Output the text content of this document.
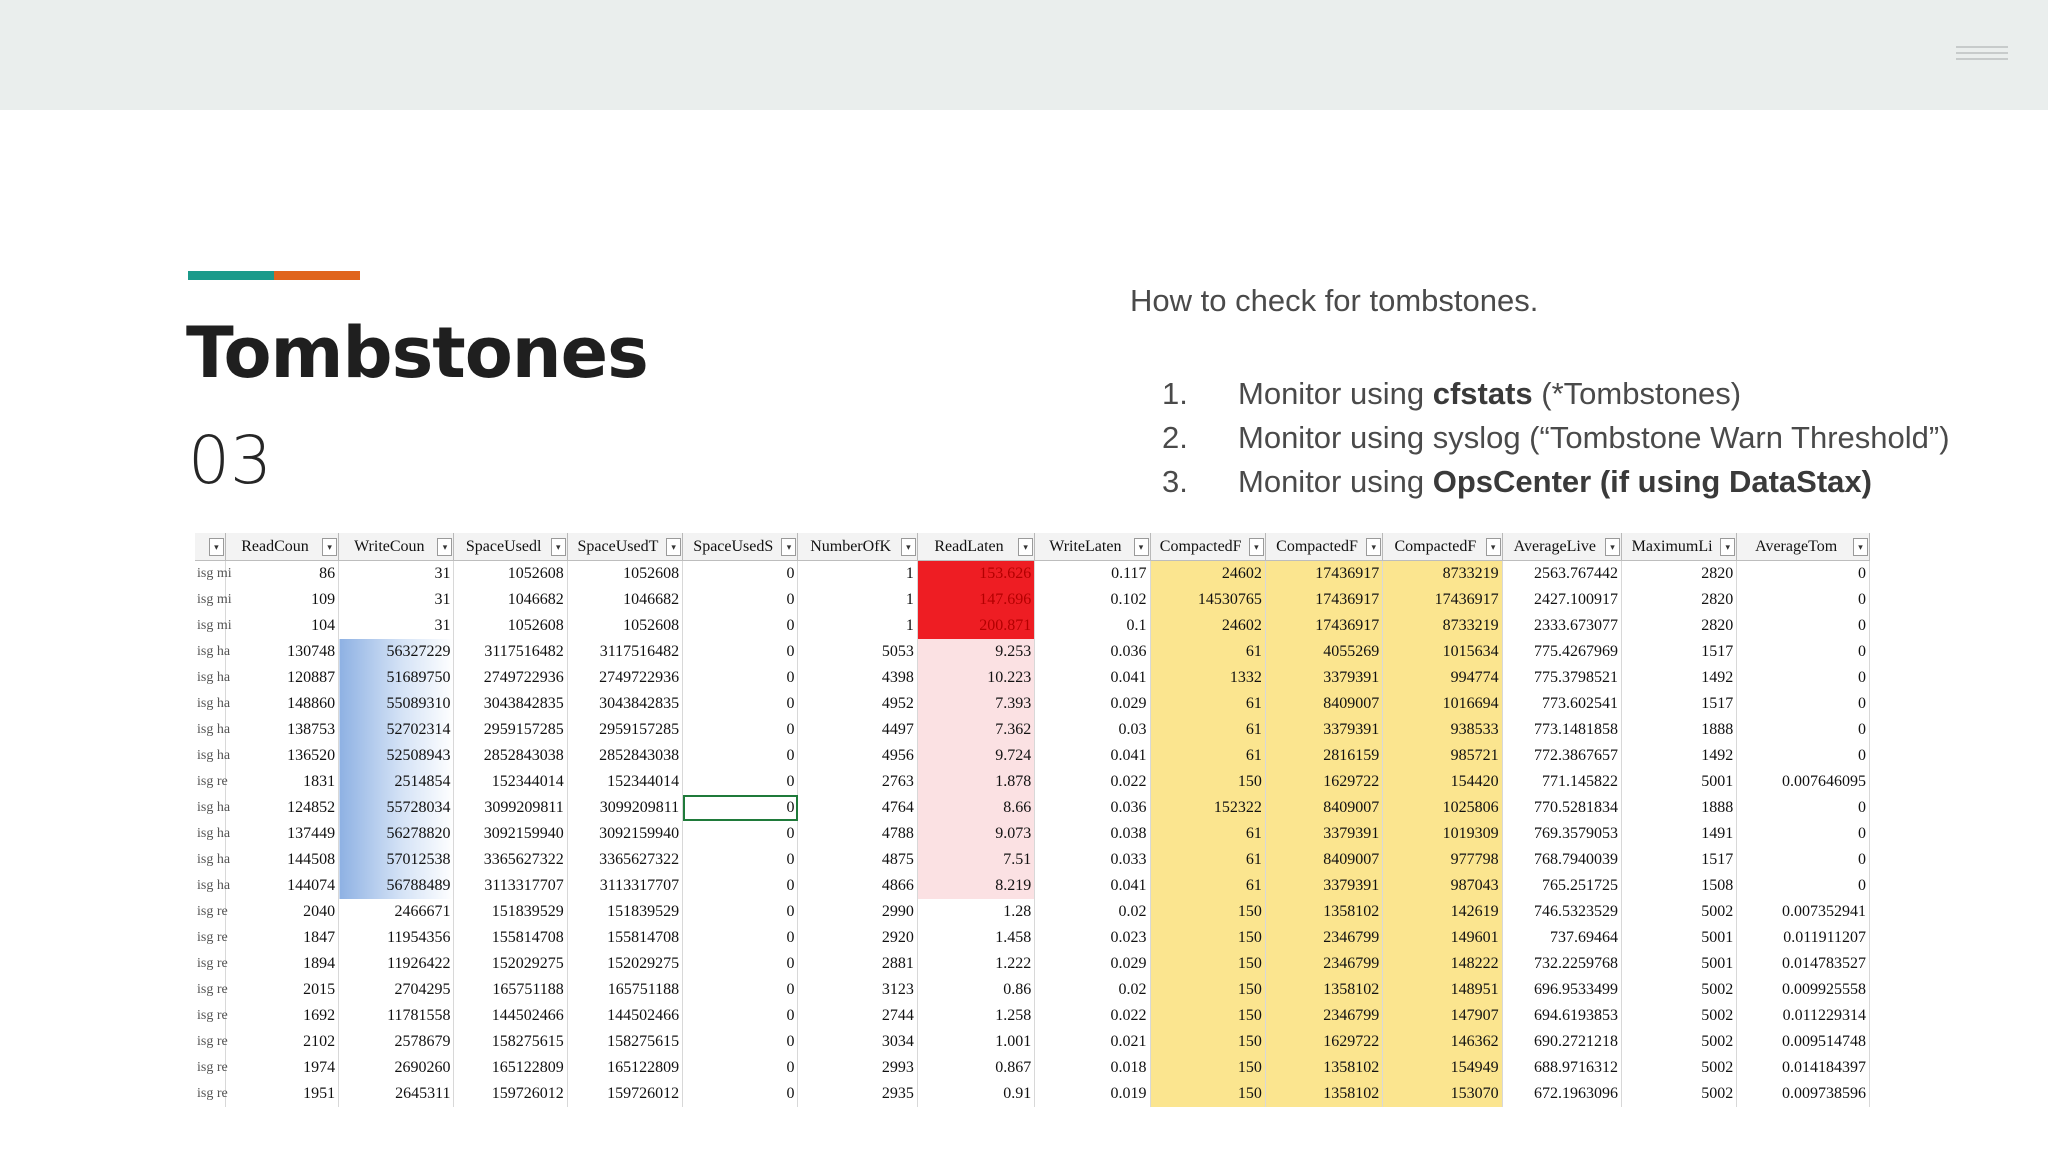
Tombstones
03
How to check for tombstones.
1.	Monitor using cfstats (*Tombstones)
2.	Monitor using syslog (“Tombstone Warn Threshold”)
3.	Monitor using OpsCenter (if using DataStax)
▾	ReadCoun ▾	WriteCoun ▾	SpaceUsedl ▾	SpaceUsedT ▾	SpaceUsedS ▾	NumberOfK ▾	ReadLaten ▾	WriteLaten ▾	CompactedF ▾	CompactedF ▾	CompactedF ▾	AverageLive ▾	MaximumLi ▾	AverageTom ▾

isg mi	86	31	1052608	1052608	0	1	153.626	0.117	24602	17436917	8733219	2563.767442	2820	0
isg mi	109	31	1046682	1046682	0	1	147.696	0.102	14530765	17436917	17436917	2427.100917	2820	0
isg mi	104	31	1052608	1052608	0	1	200.871	0.1	24602	17436917	8733219	2333.673077	2820	0
isg ha	130748	56327229	3117516482	3117516482	0	5053	9.253	0.036	61	4055269	1015634	775.4267969	1517	0
isg ha	120887	51689750	2749722936	2749722936	0	4398	10.223	0.041	1332	3379391	994774	775.3798521	1492	0
isg ha	148860	55089310	3043842835	3043842835	0	4952	7.393	0.029	61	8409007	1016694	773.602541	1517	0
isg ha	138753	52702314	2959157285	2959157285	0	4497	7.362	0.03	61	3379391	938533	773.1481858	1888	0
isg ha	136520	52508943	2852843038	2852843038	0	4956	9.724	0.041	61	2816159	985721	772.3867657	1492	0
isg re	1831	2514854	152344014	152344014	0	2763	1.878	0.022	150	1629722	154420	771.145822	5001	0.007646095
isg ha	124852	55728034	3099209811	3099209811	0	4764	8.66	0.036	152322	8409007	1025806	770.5281834	1888	0
isg ha	137449	56278820	3092159940	3092159940	0	4788	9.073	0.038	61	3379391	1019309	769.3579053	1491	0
isg ha	144508	57012538	3365627322	3365627322	0	4875	7.51	0.033	61	8409007	977798	768.7940039	1517	0
isg ha	144074	56788489	3113317707	3113317707	0	4866	8.219	0.041	61	3379391	987043	765.251725	1508	0
isg re	2040	2466671	151839529	151839529	0	2990	1.28	0.02	150	1358102	142619	746.5323529	5002	0.007352941
isg re	1847	11954356	155814708	155814708	0	2920	1.458	0.023	150	2346799	149601	737.69464	5001	0.011911207
isg re	1894	11926422	152029275	152029275	0	2881	1.222	0.029	150	2346799	148222	732.2259768	5001	0.014783527
isg re	2015	2704295	165751188	165751188	0	3123	0.86	0.02	150	1358102	148951	696.9533499	5002	0.009925558
isg re	1692	11781558	144502466	144502466	0	2744	1.258	0.022	150	2346799	147907	694.6193853	5002	0.011229314
isg re	2102	2578679	158275615	158275615	0	3034	1.001	0.021	150	1629722	146362	690.2721218	5002	0.009514748
isg re	1974	2690260	165122809	165122809	0	2993	0.867	0.018	150	1358102	154949	688.9716312	5002	0.014184397
isg re	1951	2645311	159726012	159726012	0	2935	0.91	0.019	150	1358102	153070	672.1963096	5002	0.009738596
